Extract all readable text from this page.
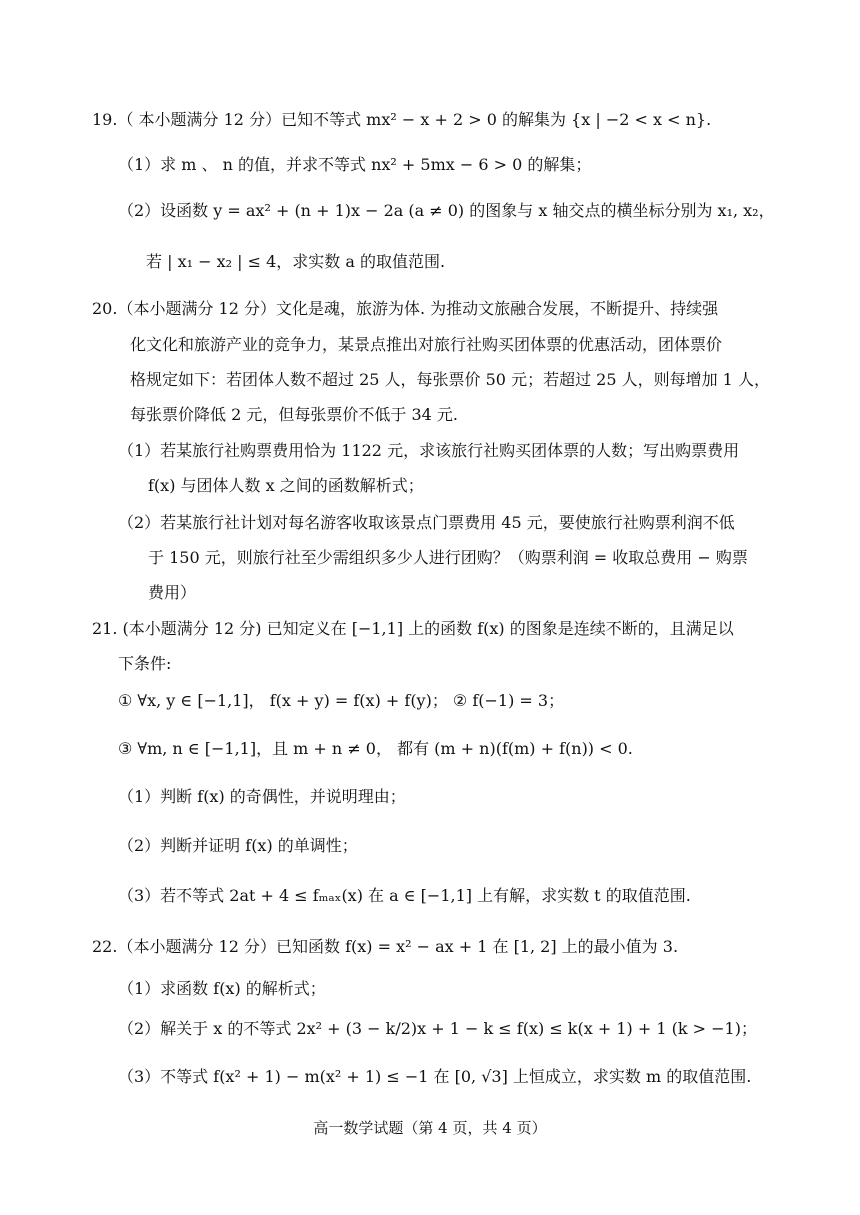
19.（ 本小题满分 12 分）已知不等式 mx² − x + 2 > 0 的解集为 {x | −2 < x < n}.
（1）求 m 、 n 的值，并求不等式 nx² + 5mx − 6 > 0 的解集；
（2）设函数 y = ax² + (n + 1)x − 2a (a ≠ 0) 的图象与 x 轴交点的横坐标分别为 x₁, x₂，
若 | x₁ − x₂ | ≤ 4，求实数 a 的取值范围.
20.（本小题满分 12 分）文化是魂，旅游为体. 为推动文旅融合发展，不断提升、持续强
化文化和旅游产业的竞争力，某景点推出对旅行社购买团体票的优惠活动，团体票价
格规定如下：若团体人数不超过 25 人，每张票价 50 元；若超过 25 人，则每增加 1 人，
每张票价降低 2 元，但每张票价不低于 34 元.
（1）若某旅行社购票费用恰为 1122 元，求该旅行社购买团体票的人数；写出购票费用
f(x) 与团体人数 x 之间的函数解析式；
（2）若某旅行社计划对每名游客收取该景点门票费用 45 元，要使旅行社购票利润不低
于 150 元，则旅行社至少需组织多少人进行团购？（购票利润 = 收取总费用 − 购票
费用）
21. (本小题满分 12 分) 已知定义在 [−1,1] 上的函数 f(x) 的图象是连续不断的，且满足以
下条件:
① ∀x, y ∈ [−1,1]， f(x + y) = f(x) + f(y)； ② f(−1) = 3；
③ ∀m, n ∈ [−1,1]，且 m + n ≠ 0， 都有 (m + n)(f(m) + f(n)) < 0.
（1）判断 f(x) 的奇偶性，并说明理由；
（2）判断并证明 f(x) 的单调性；
（3）若不等式 2at + 4 ≤ fₘₐₓ(x) 在 a ∈ [−1,1] 上有解，求实数 t 的取值范围.
22.（本小题满分 12 分）已知函数 f(x) = x² − ax + 1 在 [1, 2] 上的最小值为 3.
（1）求函数 f(x) 的解析式；
（2）解关于 x 的不等式 2x² + (3 − k/2)x + 1 − k ≤ f(x) ≤ k(x + 1) + 1 (k > −1)；
（3）不等式 f(x² + 1) − m(x² + 1) ≤ −1 在 [0, √3] 上恒成立，求实数 m 的取值范围.
高一数学试题（第 4 页，共 4 页）
